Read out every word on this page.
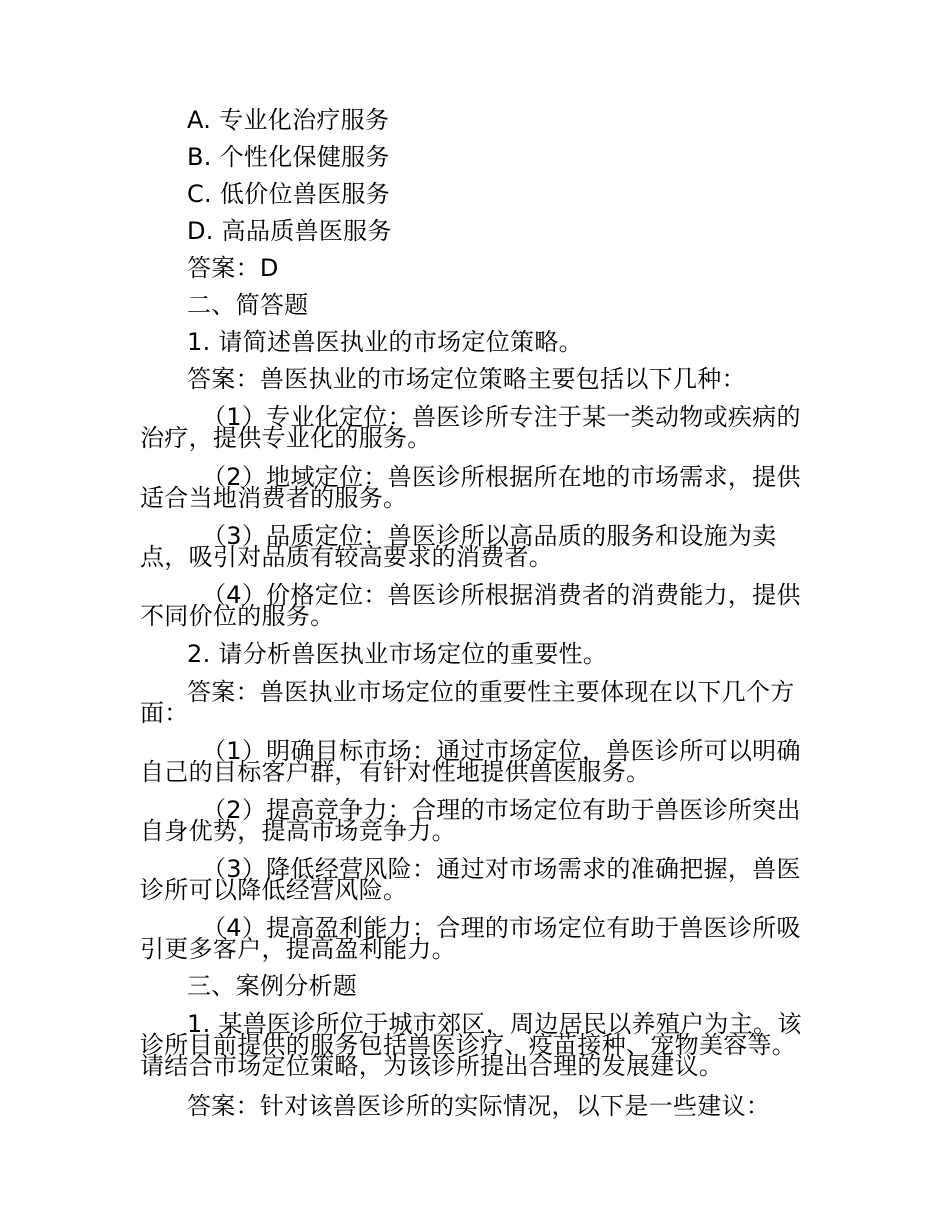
A. 专业化治疗服务
B. 个性化保健服务
C. 低价位兽医服务
D. 高品质兽医服务
答案：D
二、简答题
1. 请简述兽医执业的市场定位策略。
答案：兽医执业的市场定位策略主要包括以下几种：
（1）专业化定位：兽医诊所专注于某一类动物或疾病的
治疗，提供专业化的服务。
（2）地域定位：兽医诊所根据所在地的市场需求，提供
适合当地消费者的服务。
（3）品质定位：兽医诊所以高品质的服务和设施为卖
点，吸引对品质有较高要求的消费者。
（4）价格定位：兽医诊所根据消费者的消费能力，提供
不同价位的服务。
2. 请分析兽医执业市场定位的重要性。
答案：兽医执业市场定位的重要性主要体现在以下几个方
面：
（1）明确目标市场：通过市场定位，兽医诊所可以明确
自己的目标客户群，有针对性地提供兽医服务。
（2）提高竞争力：合理的市场定位有助于兽医诊所突出
自身优势，提高市场竞争力。
（3）降低经营风险：通过对市场需求的准确把握，兽医
诊所可以降低经营风险。
（4）提高盈利能力：合理的市场定位有助于兽医诊所吸
引更多客户，提高盈利能力。
三、案例分析题
1. 某兽医诊所位于城市郊区，周边居民以养殖户为主。该
诊所目前提供的服务包括兽医诊疗、疫苗接种、宠物美容等。
请结合市场定位策略，为该诊所提出合理的发展建议。
答案：针对该兽医诊所的实际情况，以下是一些建议：
